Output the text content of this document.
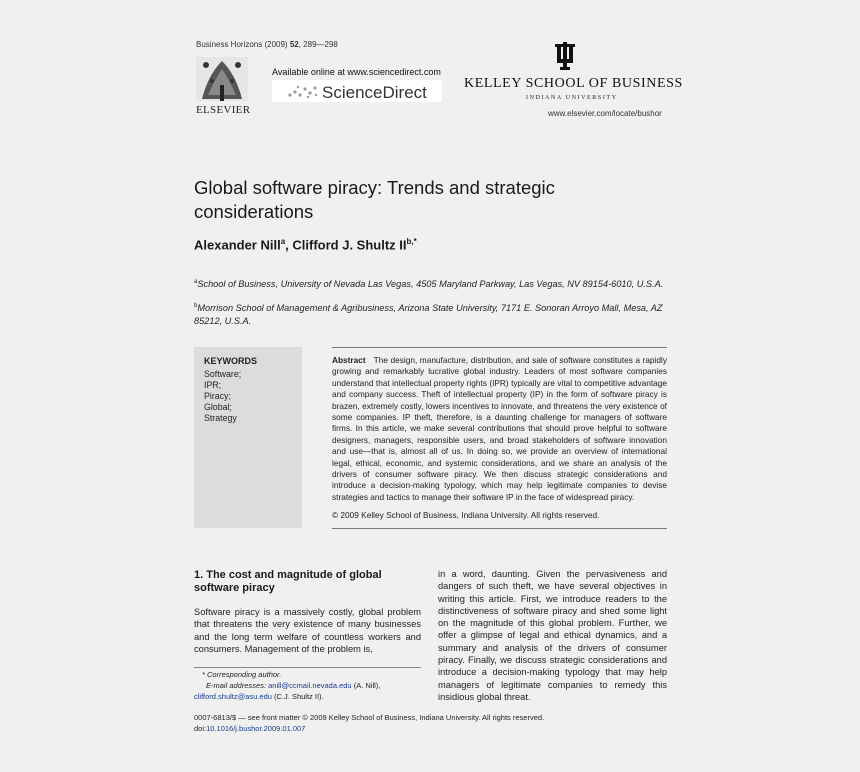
Business Horizons (2009) 52, 289—298
ELSEVIER
Available online at www.sciencedirect.com
ScienceDirect	KELLEY SCHOOL OF BUSINESS
INDIANA UNIVERSITY
www.elsevier.com/locate/bushor
Global software piracy: Trends and strategic considerations
Alexander Nill$^a$, Clifford J. Shultz $II^{b,*}$
$^a$School of Business, University of Nevada Las Vegas, 4505 Maryland Parkway, Las Vegas, NV 89154-6010, U.S.A.
$^b$Morrison School of Management & Agribusiness, Arizona State University, 7171 E. Sonoran Arroyo Mall, Mesa, AZ 85212, U.S.A.
KEYWORDS
Software;
IPR;
Piracy;
Global;
Strategy
Abstract The design, manufacture, distribution, and sale of software constitutes a rapidly growing and remarkably lucrative global industry. Leaders of most software companies understand that intellectual property rights (IPR) typically are vital to competitive advantage and company success. Theft of intellectual property (IP) in the form of software piracy is brazen, extremely costly, lowers incentives to innovate, and threatens the very existence of some companies. IP theft, therefore, is a daunting challenge for managers of software firms. In this article, we make several contributions that should prove helpful to software designers, managers, responsible users, and broad stakeholders of software innovation and use—that is, almost all of us. In doing so, we provide an overview of international legal, ethical, economic, and systemic considerations, and we share an analysis of the drivers of consumer software piracy. We then discuss strategic considerations and introduce a decision-making typology, which may help legitimate companies to devise strategies and tactics to manage their software IP in the face of widespread piracy.
© 2009 Kelley School of Business, Indiana University. All rights reserved.
1. The cost and magnitude of global software piracy
Software piracy is a massively costly, global problem that threatens the very existence of many businesses and the long term welfare of countless workers and consumers. Management of the problem is,
in a word, daunting. Given the pervasiveness and dangers of such theft, we have several objectives in writing this article. First, we introduce readers to the distinctiveness of software piracy and shed some light on the magnitude of this global problem. Further, we offer a glimpse of legal and ethical dynamics, and a summary and analysis of the drivers of consumer piracy. Finally, we discuss strategic considerations and introduce a decision-making typology that may help managers of legitimate companies to remedy this insidious global threat.
* Corresponding author.
E-mail addresses: anill@ccmail.nevada.edu (A. Nill),
clifford.shultz@asu.edu (C.J. Shultz II).
0007-6813/$ — see front matter © 2009 Kelley School of Business, Indiana University. All rights reserved.
doi:10.1016/j.bushor.2009.01.007
